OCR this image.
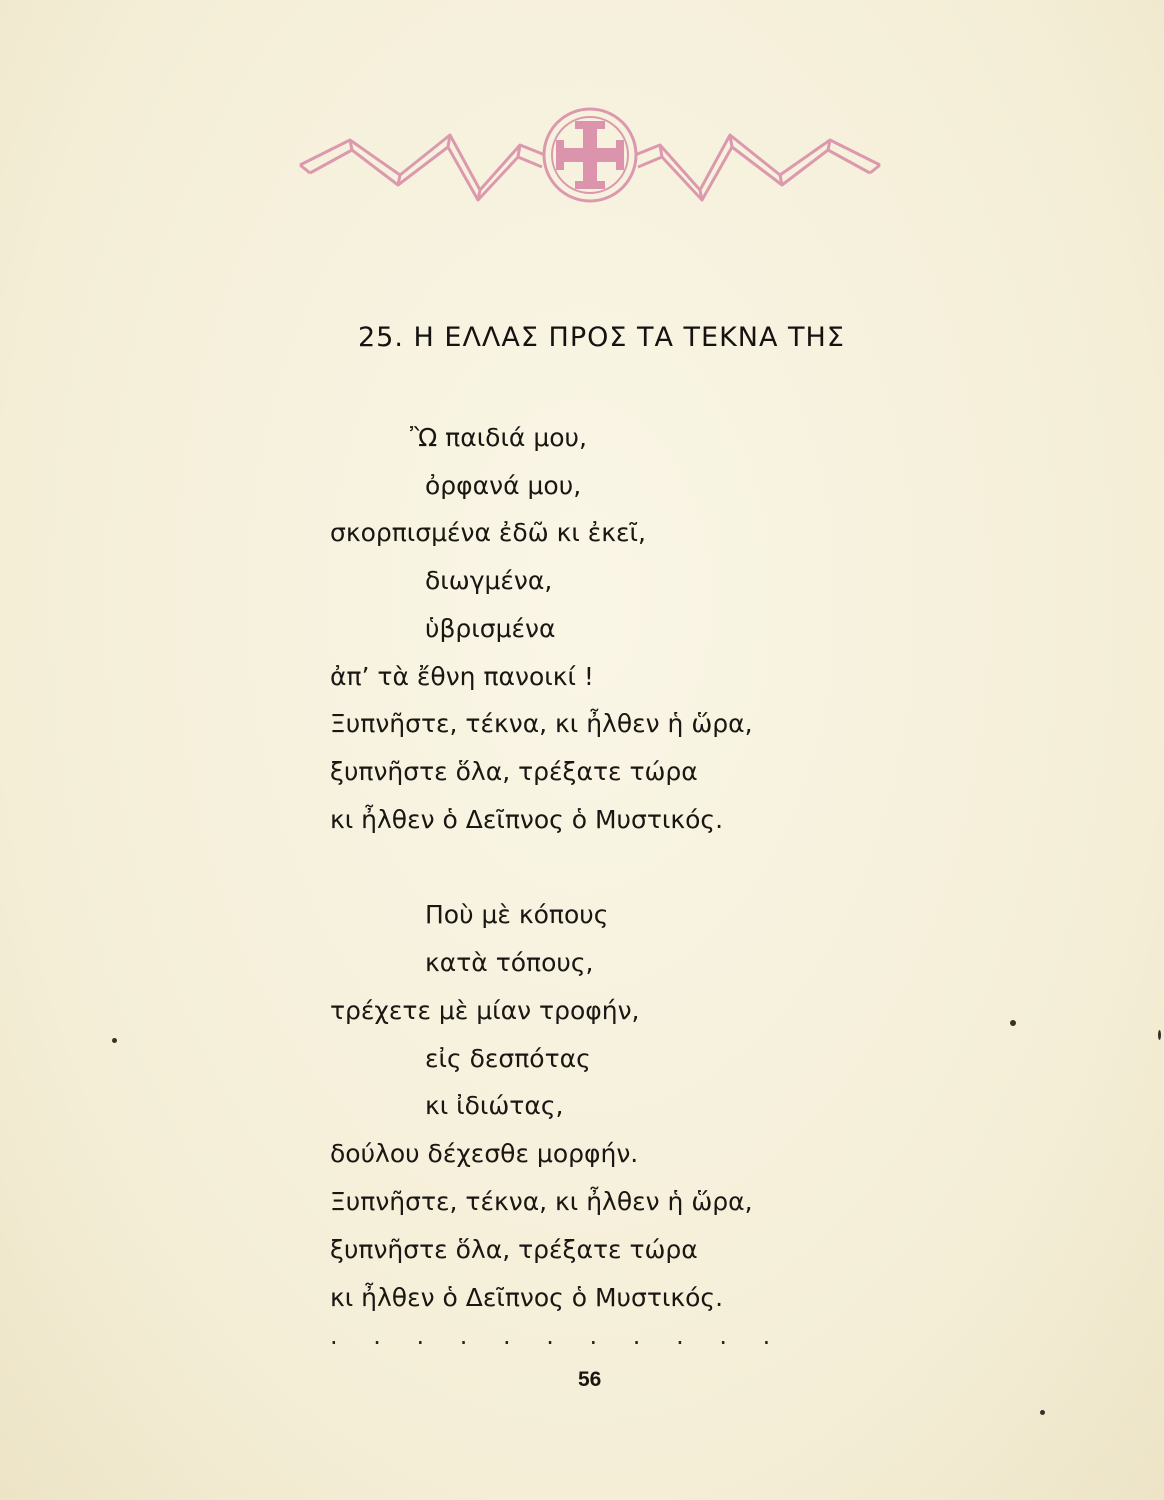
25. Η ΕΛΛΑΣ ΠΡΟΣ ΤΑ ΤΕΚΝΑ ΤΗΣ
Ὢ παιδιά μου,
ὀρφανά μου,
σκορπισμένα ἐδῶ κι ἐκεῖ,
διωγμένα,
ὑβρισμένα
ἀπ’ τὰ ἔθνη πανοικί !
Ξυπνῆστε, τέκνα, κι ἦλθεν ἡ ὥρα,
ξυπνῆστε ὅλα, τρέξατε τώρα
κι ἦλθεν ὁ Δεῖπνος ὁ Μυστικός.
Ποὺ μὲ κόπους
κατὰ τόπους,
τρέχετε μὲ μίαν τροφήν,
εἰς δεσπότας
κι ἰδιώτας,
δούλου δέχεσθε μορφήν.
Ξυπνῆστε, τέκνα, κι ἦλθεν ἡ ὥρα,
ξυπνῆστε ὅλα, τρέξατε τώρα
κι ἦλθεν ὁ Δεῖπνος ὁ Μυστικός.
. . . . . . . . . . .
56
